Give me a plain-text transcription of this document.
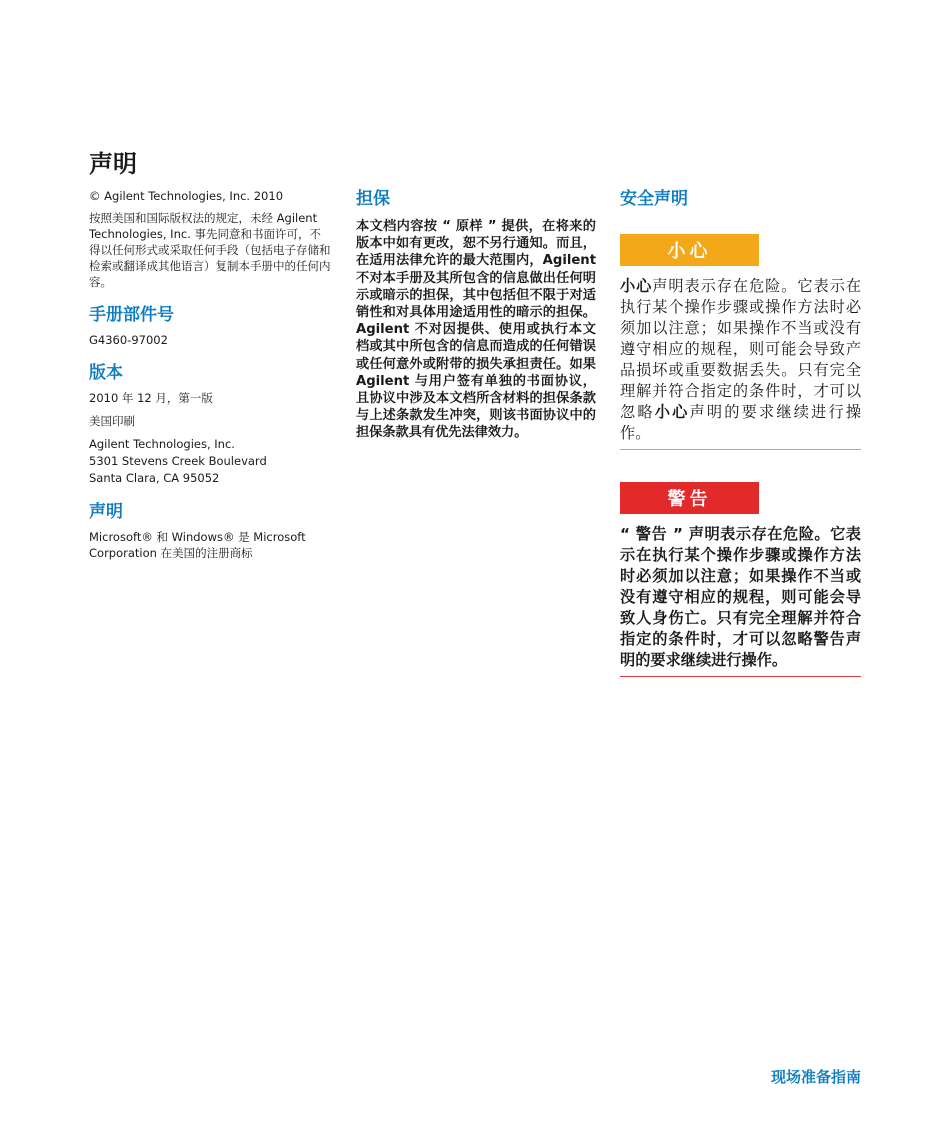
声明

© Agilent Technologies, Inc. 2010

按照美国和国际版权法的规定，未经 Agilent Technologies, Inc. 事先同意和书面许可，不得以任何形式或采取任何手段（包括电子存储和检索或翻译成其他语言）复制本手册中的任何内容。

手册部件号

G4360-97002

版本

2010 年 12 月，第一版

美国印刷

Agilent Technologies, Inc.

5301 Stevens Creek Boulevard

Santa Clara, CA 95052

声明

Microsoft® 和 Windows® 是 Microsoft Corporation 在美国的注册商标

担保

本文档内容按 “ 原样 ” 提供，在将来的版本中如有更改，恕不另行通知。而且，在适用法律允许的最大范围内，Agilent 不对本手册及其所包含的信息做出任何明示或暗示的担保，其中包括但不限于对适销性和对具体用途适用性的暗示的担保。Agilent 不对因提供、使用或执行本文档或其中所包含的信息而造成的任何错误或任何意外或附带的损失承担责任。如果 Agilent 与用户签有单独的书面协议，且协议中涉及本文档所含材料的担保条款与上述条款发生冲突，则该书面协议中的担保条款具有优先法律效力。

安全声明
小心

小心声明表示存在危险。它表示在执行某个操作步骤或操作方法时必须加以注意；如果操作不当或没有遵守相应的规程，则可能会导致产品损坏或重要数据丢失。只有完全理解并符合指定的条件时，才可以忽略小心声明的要求继续进行操作。

警告

“ 警告 ” 声明表示存在危险。它表示在执行某个操作步骤或操作方法时必须加以注意；如果操作不当或没有遵守相应的规程，则可能会导致人身伤亡。只有完全理解并符合指定的条件时，才可以忽略警告声明的要求继续进行操作。

现场准备指南
